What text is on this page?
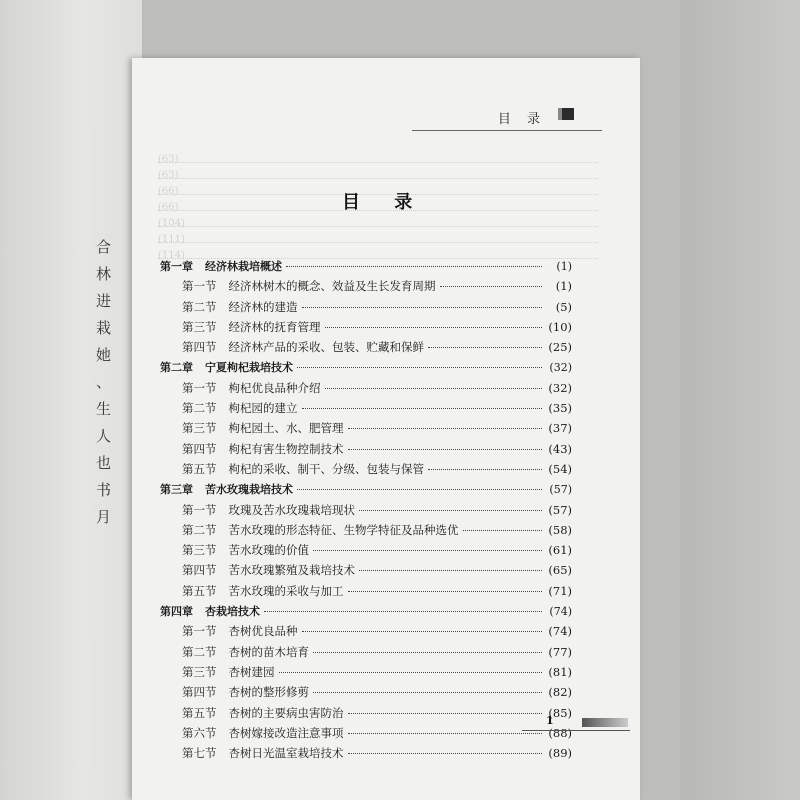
合
林
进
栽
她
、
生
人
也
书
月
目 录
(63)
(63)
(66)
(66)
(104)
(111)
(114)
目 录
第一章 经济林栽培概述	(1)
第一节 经济林树木的概念、效益及生长发育周期	(1)
第二节 经济林的建造	(5)
第三节 经济林的抚育管理	(10)
第四节 经济林产品的采收、包装、贮藏和保鲜	(25)
第二章 宁夏枸杞栽培技术	(32)
第一节 枸杞优良品种介绍	(32)
第二节 枸杞园的建立	(35)
第三节 枸杞园土、水、肥管理	(37)
第四节 枸杞有害生物控制技术	(43)
第五节 枸杞的采收、制干、分级、包装与保管	(54)
第三章 苦水玫瑰栽培技术	(57)
第一节 玫瑰及苦水玫瑰栽培现状	(57)
第二节 苦水玫瑰的形态特征、生物学特征及品种选优	(58)
第三节 苦水玫瑰的价值	(61)
第四节 苦水玫瑰繁殖及栽培技术	(65)
第五节 苦水玫瑰的采收与加工	(71)
第四章 杏栽培技术	(74)
第一节 杏树优良品种	(74)
第二节 杏树的苗木培育	(77)
第三节 杏树建园	(81)
第四节 杏树的整形修剪	(82)
第五节 杏树的主要病虫害防治	(85)
第六节 杏树嫁接改造注意事项	(88)
第七节 杏树日光温室栽培技术	(89)
1
